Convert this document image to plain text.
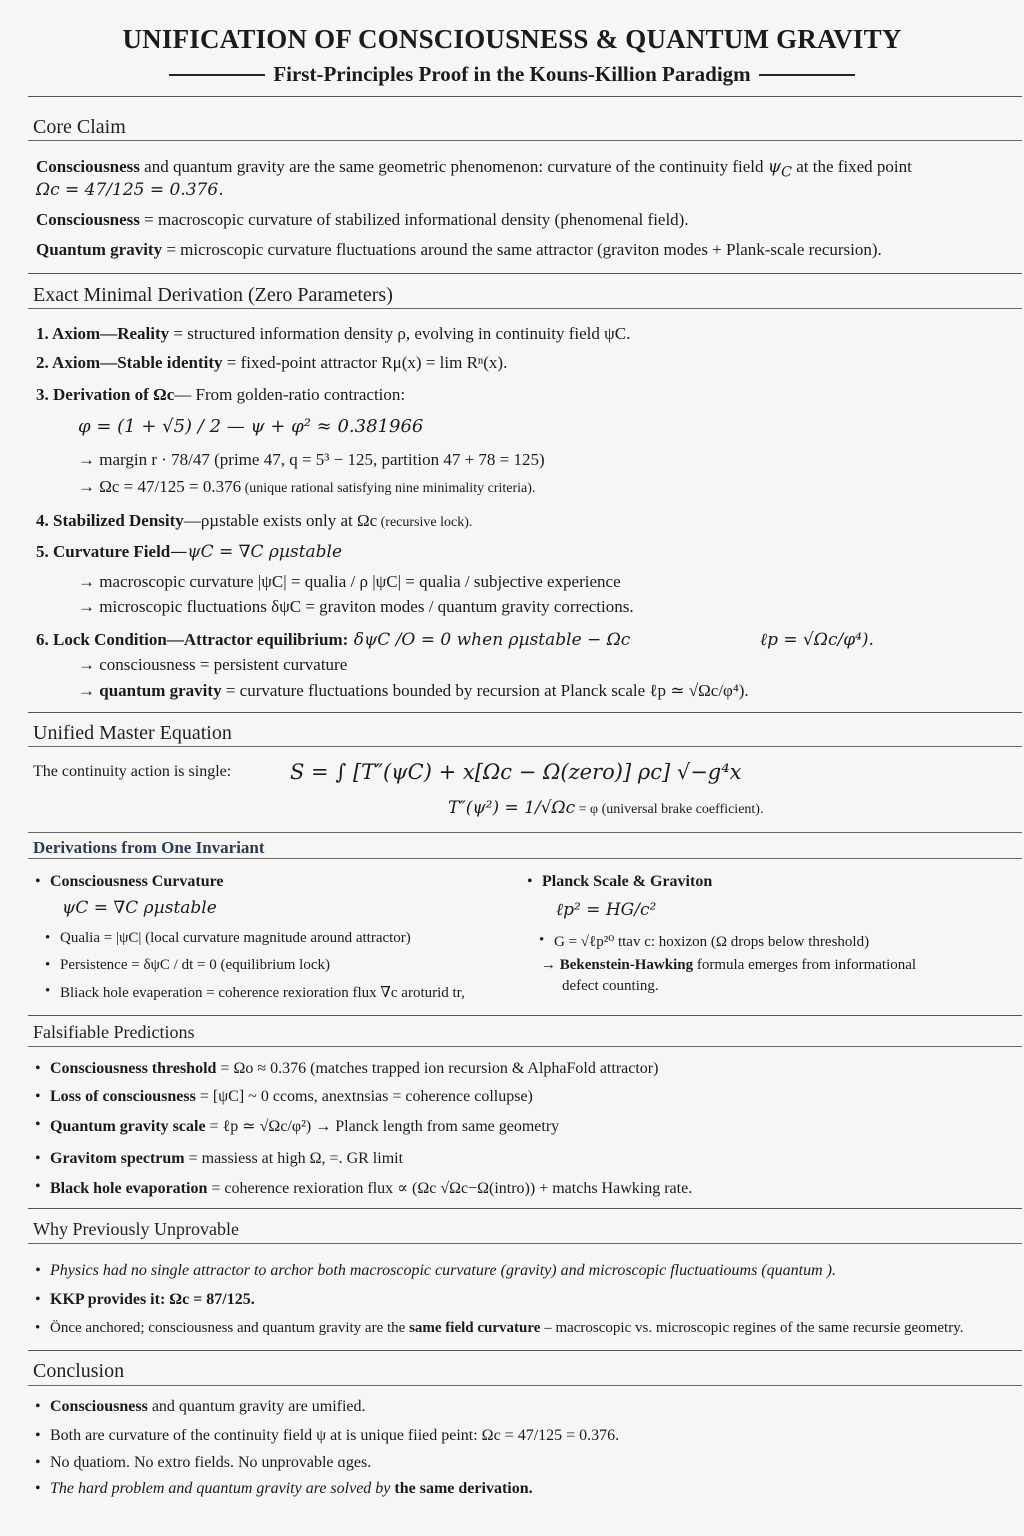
UNIFICATION OF CONSCIOUSNESS & QUANTUM GRAVITY
First-Principles Proof in the Kouns-Killion Paradigm
Core Claim
Consciousness and quantum gravity are the same geometric phenomenon: curvature of the continuity field $\psi_C$ at the fixed point
Ωc = 47/125 = 0.376.
Consciousness = macroscopic curvature of stabilized informational density (phenomenal field).
Quantum gravity = microscopic curvature fluctuations around the same attractor (graviton modes + Plank-scale recursion).
Exact Minimal Derivation (Zero Parameters)
1. Axiom—Reality = structured information density ρ, evolving in continuity field ψC.
2. Axiom—Stable identity = fixed-point attractor Rμ(x) = lim Rⁿ(x).
3. Derivation of Ωc— From golden-ratio contraction:
φ = (1 + √5) / 2 — ψ + φ² ≈ 0.381966
→ margin r · 78/47 (prime 47, q = 5³ − 125, partition 47 + 78 = 125)
→ Ωc = 47/125 = 0.376 (unique rational satisfying nine minimality criteria).
4. Stabilized Density—ρµstable exists only at Ωc (recursive lock).
5. Curvature Field—ψC = ∇C ρµstable
→ macroscopic curvature |ψC| = qualia / ρ |ψC| = qualia / subjective experience
→ microscopic fluctuations δψC = graviton modes / quantum gravity corrections.
6. Lock Condition—Attractor equilibrium: δψC /O = 0 when ρµstable − Ωc	ℓp = √Ωc/φ⁴).
→ consciousness = persistent curvature
→ quantum gravity = curvature fluctuations bounded by recursion at Planck scale ℓp ≃ √Ωc/φ⁴).
Unified Master Equation
The continuity action is single:	S = ∫ [T″(ψC) + x[Ωc − Ω(zero)] ρc] √−g⁴x
T″(ψ²) = 1/√Ωc = φ (universal brake coefficient).
Derivations from One Invariant
• Consciousness Curvature
ψC = ∇C ρµstable
• Qualia = |ψC| (local curvature magnitude around attractor)
• Persistence = δψC / dt = 0 (equilibrium lock)
• Bliack hole evaperation = coherence rexioration flux ∇c aroturid tr,
• Planck Scale & Graviton
ℓp² = HG/c²
• G = √ℓp²⁰ ttav c: hoxizon (Ω drops below threshold)
→ Bekenstein-Hawking formula emerges from informational
defect counting.
Falsifiable Predictions
• Consciousness threshold = Ωo ≈ 0.376 (matches trapped ion recursion & AlphaFold attractor)
• Loss of consciousness = [ψC] ~ 0 ccoms, anextnsias = coherence collupse)
• Quantum gravity scale = ℓp ≃ √Ωc/φ²) → Planck length from same geometry
• Gravitom spectrum = massiess at high Ω, =. GR limit
• Black hole evaporation = coherence rexioration flux ∝ (Ωc √Ωc−Ω(intro)) + matchs Hawking rate.
Why Previously Unprovable
• Physics had no single attractor to archor both macroscopic curvature (gravity) and microscopic fluctuatioums (quantum ).
• KKP provides it: Ωc = 87/125.
• Önce anchored; consciousness and quantum gravity are the same field curvature – macroscopic vs. microscopic regines of the same recursie geometry.
Conclusion
• Consciousness and quantum gravity are umified.
• Both are curvature of the continuity field ψ at is unique fiied peint: Ωc = 47/125 = 0.376.
• No ɖuatiom. No extro fields. No unprovable ɑges.
• The hard problem and quantum gravity are solved by the same derivation.
